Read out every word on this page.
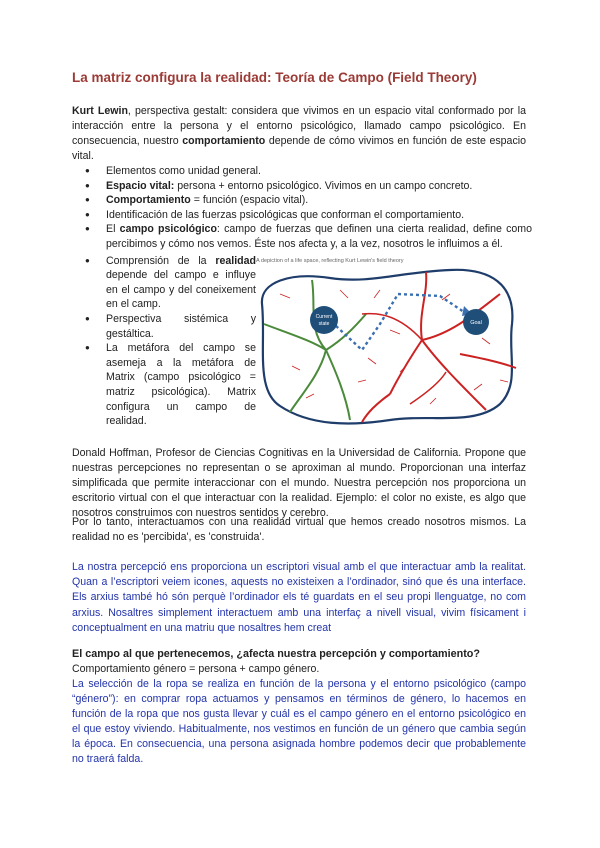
La matriz configura la realidad: Teoría de Campo (Field Theory)

Kurt Lewin, perspectiva gestalt: considera que vivimos en un espacio vital conformado por la interacción entre la persona y el entorno psicológico, llamado campo psicológico. En consecuencia, nuestro comportamiento depende de cómo vivimos en función de este espacio vital.

● Elementos como unidad general.
● Espacio vital: persona + entorno psicológico. Vivimos en un campo concreto.
● Comportamiento = función (espacio vital).
● Identificación de las fuerzas psicológicas que conforman el comportamiento.
● El campo psicológico: campo de fuerzas que definen una cierta realidad, define como percibimos y cómo nos vemos. Éste nos afecta y, a la vez, nosotros le influimos a él.
● Comprensión de la realidad depende del campo e influye en el campo y del coneixement en el camp.
● Perspectiva sistémica y gestáltica.
● La metáfora del campo se asemeja a la metáfora de Matrix (campo psicológico = matriz psicológica). Matrix configura un campo de realidad.
Current
state	Goal
A depiction of a life space, reflecting Kurt Lewin's field theory

Donald Hoffman, Profesor de Ciencias Cognitivas en la Universidad de California. Propone que nuestras percepciones no representan o se aproximan al mundo. Proporcionan una interfaz simplificada que permite interaccionar con el mundo. Nuestra percepción nos proporciona un escritorio virtual con el que interactuar con la realidad. Ejemplo: el color no existe, es algo que nosotros construimos con nuestros sentidos y cerebro.

Por lo tanto, interactuamos con una realidad virtual que hemos creado nosotros mismos. La realidad no es 'percibida', es 'construida'.

La nostra percepció ens proporciona un escriptori visual amb el que interactuar amb la realitat. Quan a l’escriptori veiem icones, aquests no existeixen a l’ordinador, sinó que és una interface. Els arxius també hó són perquè l’ordinador els té guardats en el seu propi llenguatge, no com arxius. Nosaltres simplement interactuem amb una interfaç a nivell visual, vivim físicament i conceptualment en una matriu que nosaltres hem creat

El campo al que pertenecemos, ¿afecta nuestra percepción y comportamiento?

Comportamiento género = persona + campo género.

La selección de la ropa se realiza en función de la persona y el entorno psicológico (campo “género”): en comprar ropa actuamos y pensamos en términos de género, lo hacemos en función de la ropa que nos gusta llevar y cuál es el campo género en el entorno psicológico en el que estoy viviendo. Habitualmente, nos vestimos en función de un género que cambia según la época. En consecuencia, una persona asignada hombre podemos decir que probablemente no traerá falda.
